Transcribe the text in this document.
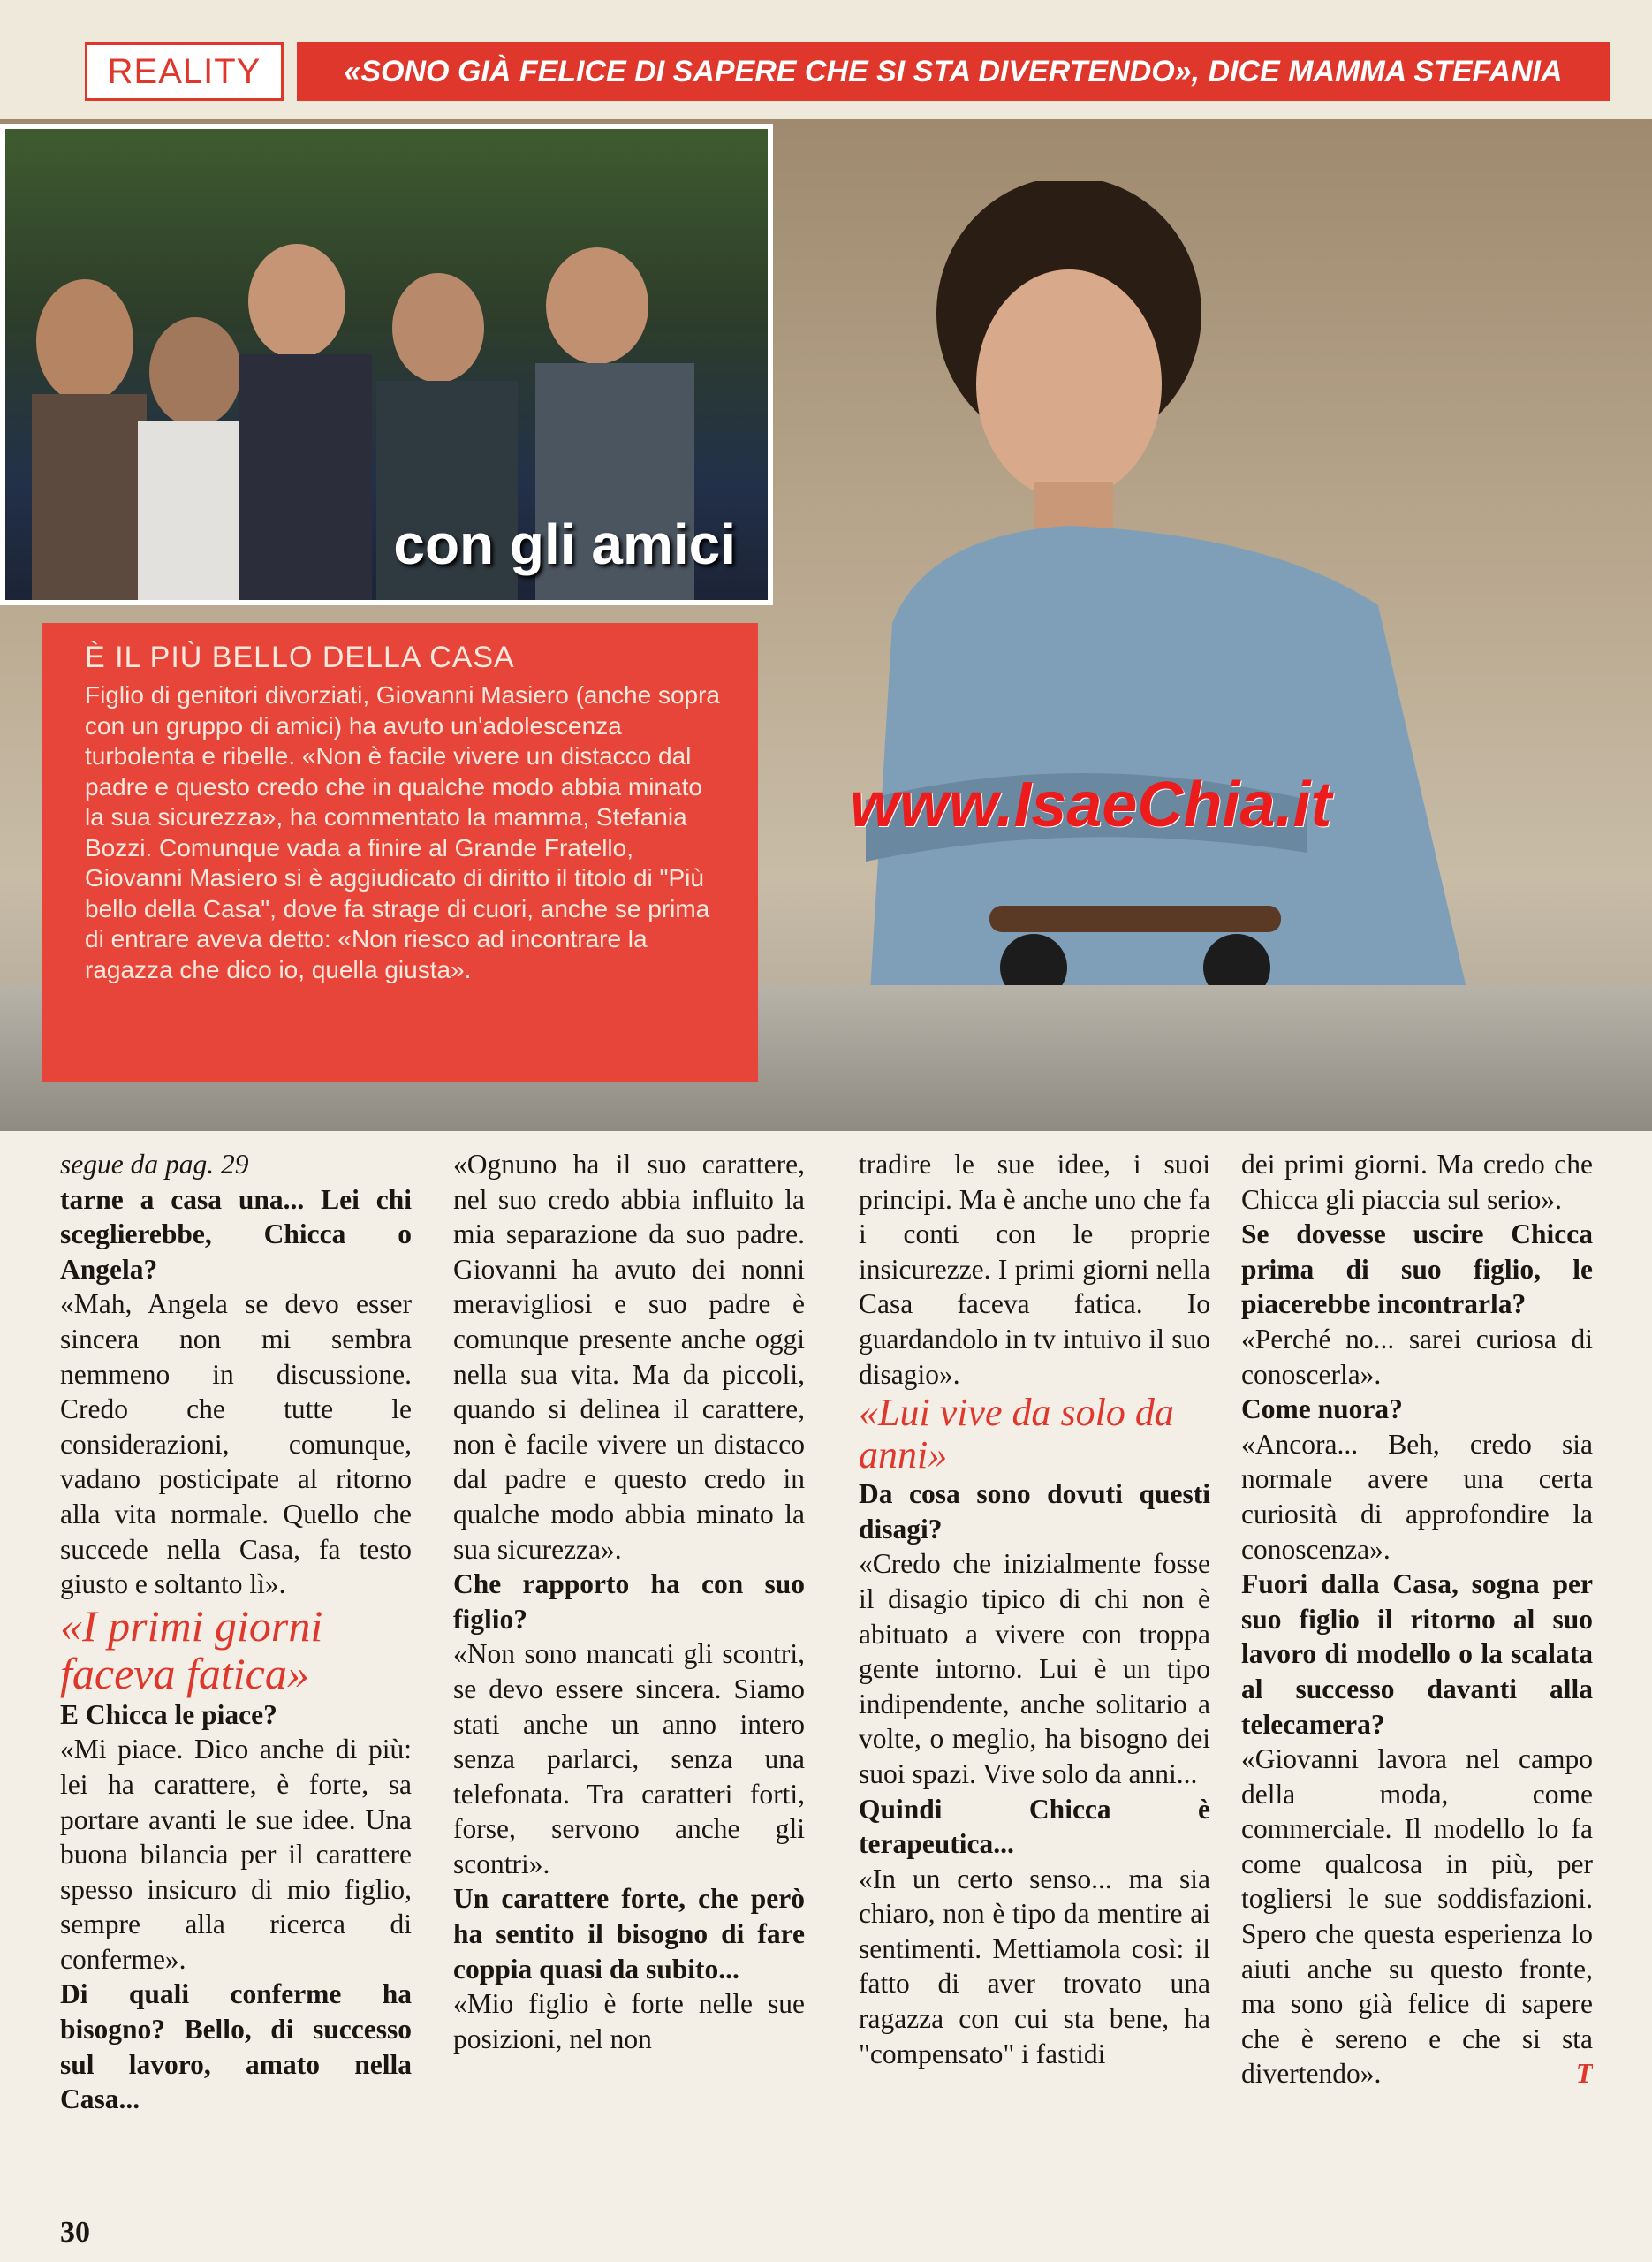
REALITY	«SONO GIÀ FELICE DI SAPERE CHE SI STA DIVERTENDO», DICE MAMMA STEFANIA
con gli amici
È IL PIÙ BELLO DELLA CASA

Figlio di genitori divorziati, Giovanni Masiero (anche sopra con un gruppo di amici) ha avuto un'adolescenza turbolenta e ribelle. «Non è facile vivere un distacco dal padre e questo credo che in qualche modo abbia minato la sua sicurezza», ha commentato la mamma, Stefania Bozzi. Comunque vada a finire al Grande Fratello, Giovanni Masiero si è aggiudicato di diritto il titolo di "Più bello della Casa", dove fa strage di cuori, anche se prima di entrare aveva detto: «Non riesco ad incontrare la ragazza che dico io, quella giusta».

www.IsaeChia.it

segue da pag. 29

tarne a casa una... Lei chi sceglierebbe, Chicca o Angela?

«Mah, Angela se devo esser sincera non mi sembra nemmeno in discussione. Credo che tutte le considerazioni, comunque, vadano posticipate al ritorno alla vita normale. Quello che succede nella Casa, fa testo giusto e soltanto lì».

«I primi giorni faceva fatica»

E Chicca le piace?

«Mi piace. Dico anche di più: lei ha carattere, è forte, sa portare avanti le sue idee. Una buona bilancia per il carattere spesso insicuro di mio figlio, sempre alla ricerca di conferme».

Di quali conferme ha bisogno? Bello, di successo sul lavoro, amato nella Casa...

«Ognuno ha il suo carattere, nel suo credo abbia influito la mia separazione da suo padre. Giovanni ha avuto dei nonni meravigliosi e suo padre è comunque presente anche oggi nella sua vita. Ma da piccoli, quando si delinea il carattere, non è facile vivere un distacco dal padre e questo credo in qualche modo abbia minato la sua sicurezza».

Che rapporto ha con suo figlio?

«Non sono mancati gli scontri, se devo essere sincera. Siamo stati anche un anno intero senza parlarci, senza una telefonata. Tra caratteri forti, forse, servono anche gli scontri».

Un carattere forte, che però ha sentito il bisogno di fare coppia quasi da subito...

«Mio figlio è forte nelle sue posizioni, nel non

tradire le sue idee, i suoi principi. Ma è anche uno che fa i conti con le proprie insicurezze. I primi giorni nella Casa faceva fatica. Io guardandolo in tv intuivo il suo disagio».

«Lui vive da solo da anni»

Da cosa sono dovuti questi disagi?

«Credo che inizialmente fosse il disagio tipico di chi non è abituato a vivere con troppa gente intorno. Lui è un tipo indipendente, anche solitario a volte, o meglio, ha bisogno dei suoi spazi. Vive solo da anni...

Quindi Chicca è terapeutica...

«In un certo senso... ma sia chiaro, non è tipo da mentire ai sentimenti. Mettiamola così: il fatto di aver trovato una ragazza con cui sta bene, ha "compensato" i fastidi

dei primi giorni. Ma credo che Chicca gli piaccia sul serio».

Se dovesse uscire Chicca prima di suo figlio, le piacerebbe incontrarla?

«Perché no... sarei curiosa di conoscerla».

Come nuora?

«Ancora... Beh, credo sia normale avere una certa curiosità di approfondire la conoscenza».

Fuori dalla Casa, sogna per suo figlio il ritorno al suo lavoro di modello o la scalata al successo davanti alla telecamera?

«Giovanni lavora nel campo della moda, come commerciale. Il modello lo fa come qualcosa in più, per togliersi le sue soddisfazioni. Spero che questa esperienza lo aiuti anche su questo fronte, ma sono già felice di sapere che è sereno e che si sta divertendo».	T

30
